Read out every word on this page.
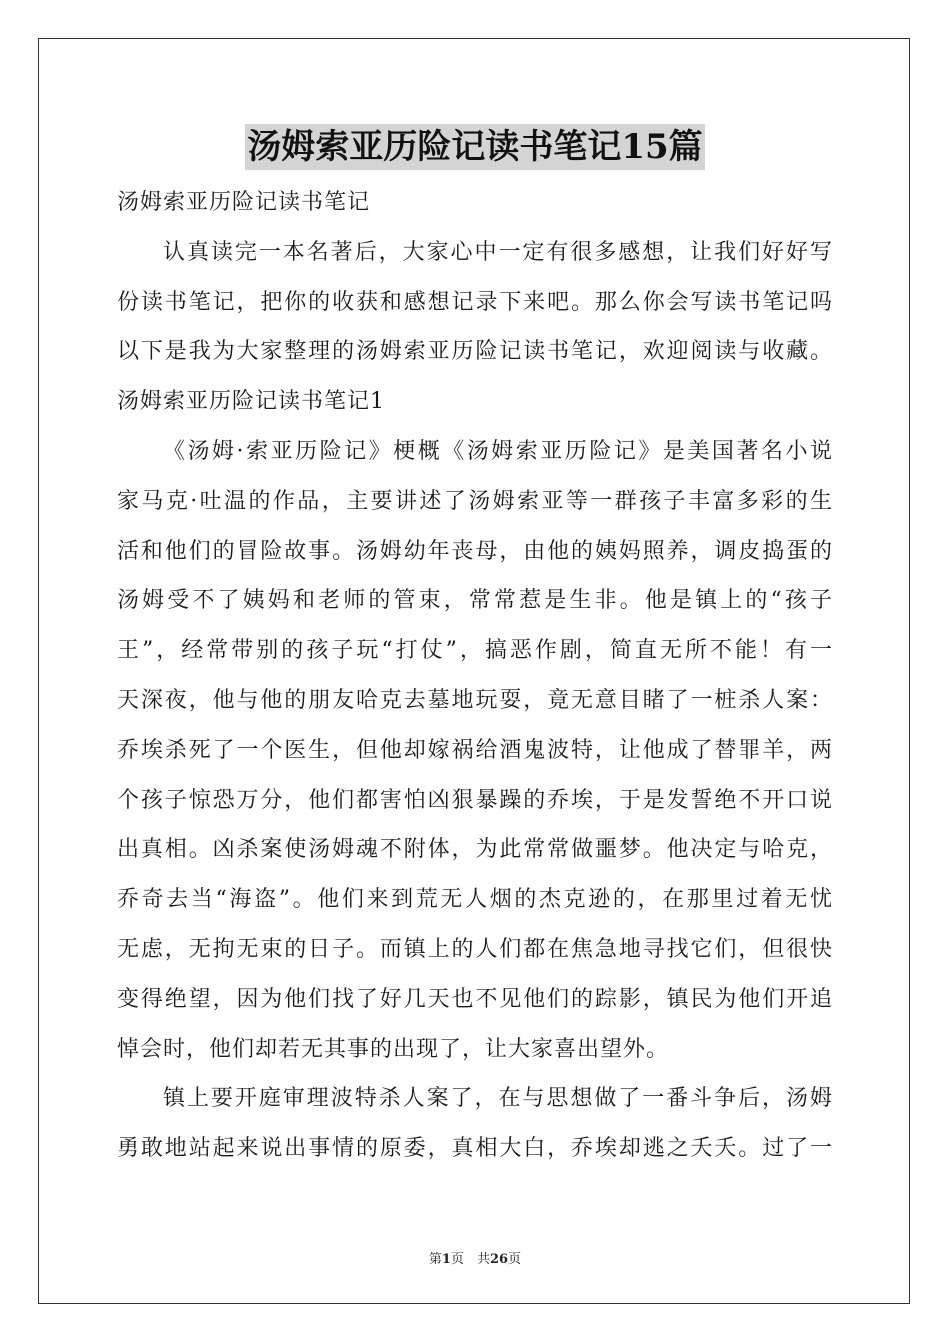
汤姆索亚历险记读书笔记15篇
汤姆索亚历险记读书笔记
认真读完一本名著后，大家心中一定有很多感想，让我们好好写
份读书笔记，把你的收获和感想记录下来吧。那么你会写读书笔记吗
以下是我为大家整理的汤姆索亚历险记读书笔记，欢迎阅读与收藏。
汤姆索亚历险记读书笔记1
《汤姆·索亚历险记》梗概《汤姆索亚历险记》是美国著名小说
家马克·吐温的作品，主要讲述了汤姆索亚等一群孩子丰富多彩的生
活和他们的冒险故事。汤姆幼年丧母，由他的姨妈照养，调皮捣蛋的
汤姆受不了姨妈和老师的管束，常常惹是生非。他是镇上的“孩子
王”，经常带别的孩子玩“打仗”，搞恶作剧，简直无所不能！有一
天深夜，他与他的朋友哈克去墓地玩耍，竟无意目睹了一桩杀人案：
乔埃杀死了一个医生，但他却嫁祸给酒鬼波特，让他成了替罪羊，两
个孩子惊恐万分，他们都害怕凶狠暴躁的乔埃，于是发誓绝不开口说
出真相。凶杀案使汤姆魂不附体，为此常常做噩梦。他决定与哈克，
乔奇去当“海盗”。他们来到荒无人烟的杰克逊的，在那里过着无忧
无虑，无拘无束的日子。而镇上的人们都在焦急地寻找它们，但很快
变得绝望，因为他们找了好几天也不见他们的踪影，镇民为他们开追
悼会时，他们却若无其事的出现了，让大家喜出望外。
镇上要开庭审理波特杀人案了，在与思想做了一番斗争后，汤姆
勇敢地站起来说出事情的原委，真相大白，乔埃却逃之夭夭。过了一
第1页　共26页
